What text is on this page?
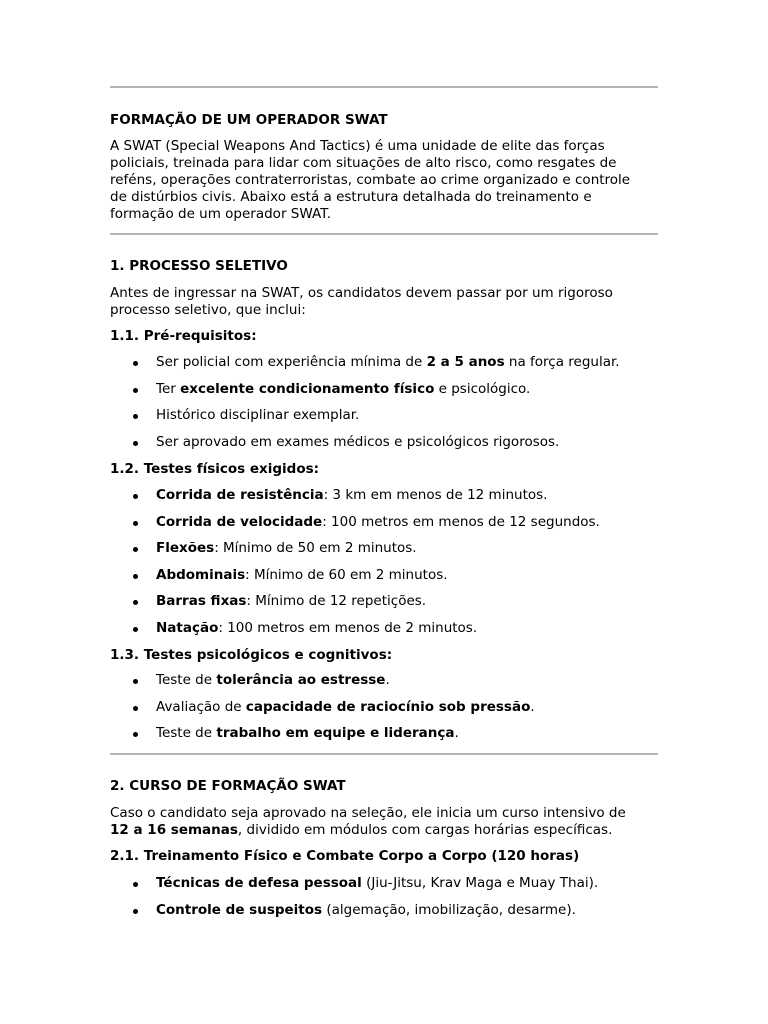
FORMAÇÃO DE UM OPERADOR SWAT
A SWAT (Special Weapons And Tactics) é uma unidade de elite das forças
policiais, treinada para lidar com situações de alto risco, como resgates de
reféns, operações contraterroristas, combate ao crime organizado e controle
de distúrbios civis. Abaixo está a estrutura detalhada do treinamento e
formação de um operador SWAT.
1. PROCESSO SELETIVO
Antes de ingressar na SWAT, os candidatos devem passar por um rigoroso
processo seletivo, que inclui:
1.1. Pré-requisitos:
Ser policial com experiência mínima de 2 a 5 anos na força regular.
Ter excelente condicionamento físico e psicológico.
Histórico disciplinar exemplar.
Ser aprovado em exames médicos e psicológicos rigorosos.
1.2. Testes físicos exigidos:
Corrida de resistência: 3 km em menos de 12 minutos.
Corrida de velocidade: 100 metros em menos de 12 segundos.
Flexões: Mínimo de 50 em 2 minutos.
Abdominais: Mínimo de 60 em 2 minutos.
Barras fixas: Mínimo de 12 repetições.
Natação: 100 metros em menos de 2 minutos.
1.3. Testes psicológicos e cognitivos:
Teste de tolerância ao estresse.
Avaliação de capacidade de raciocínio sob pressão.
Teste de trabalho em equipe e liderança.
2. CURSO DE FORMAÇÃO SWAT
Caso o candidato seja aprovado na seleção, ele inicia um curso intensivo de
12 a 16 semanas, dividido em módulos com cargas horárias específicas.
2.1. Treinamento Físico e Combate Corpo a Corpo (120 horas)
Técnicas de defesa pessoal (Jiu-Jitsu, Krav Maga e Muay Thai).
Controle de suspeitos (algemação, imobilização, desarme).
